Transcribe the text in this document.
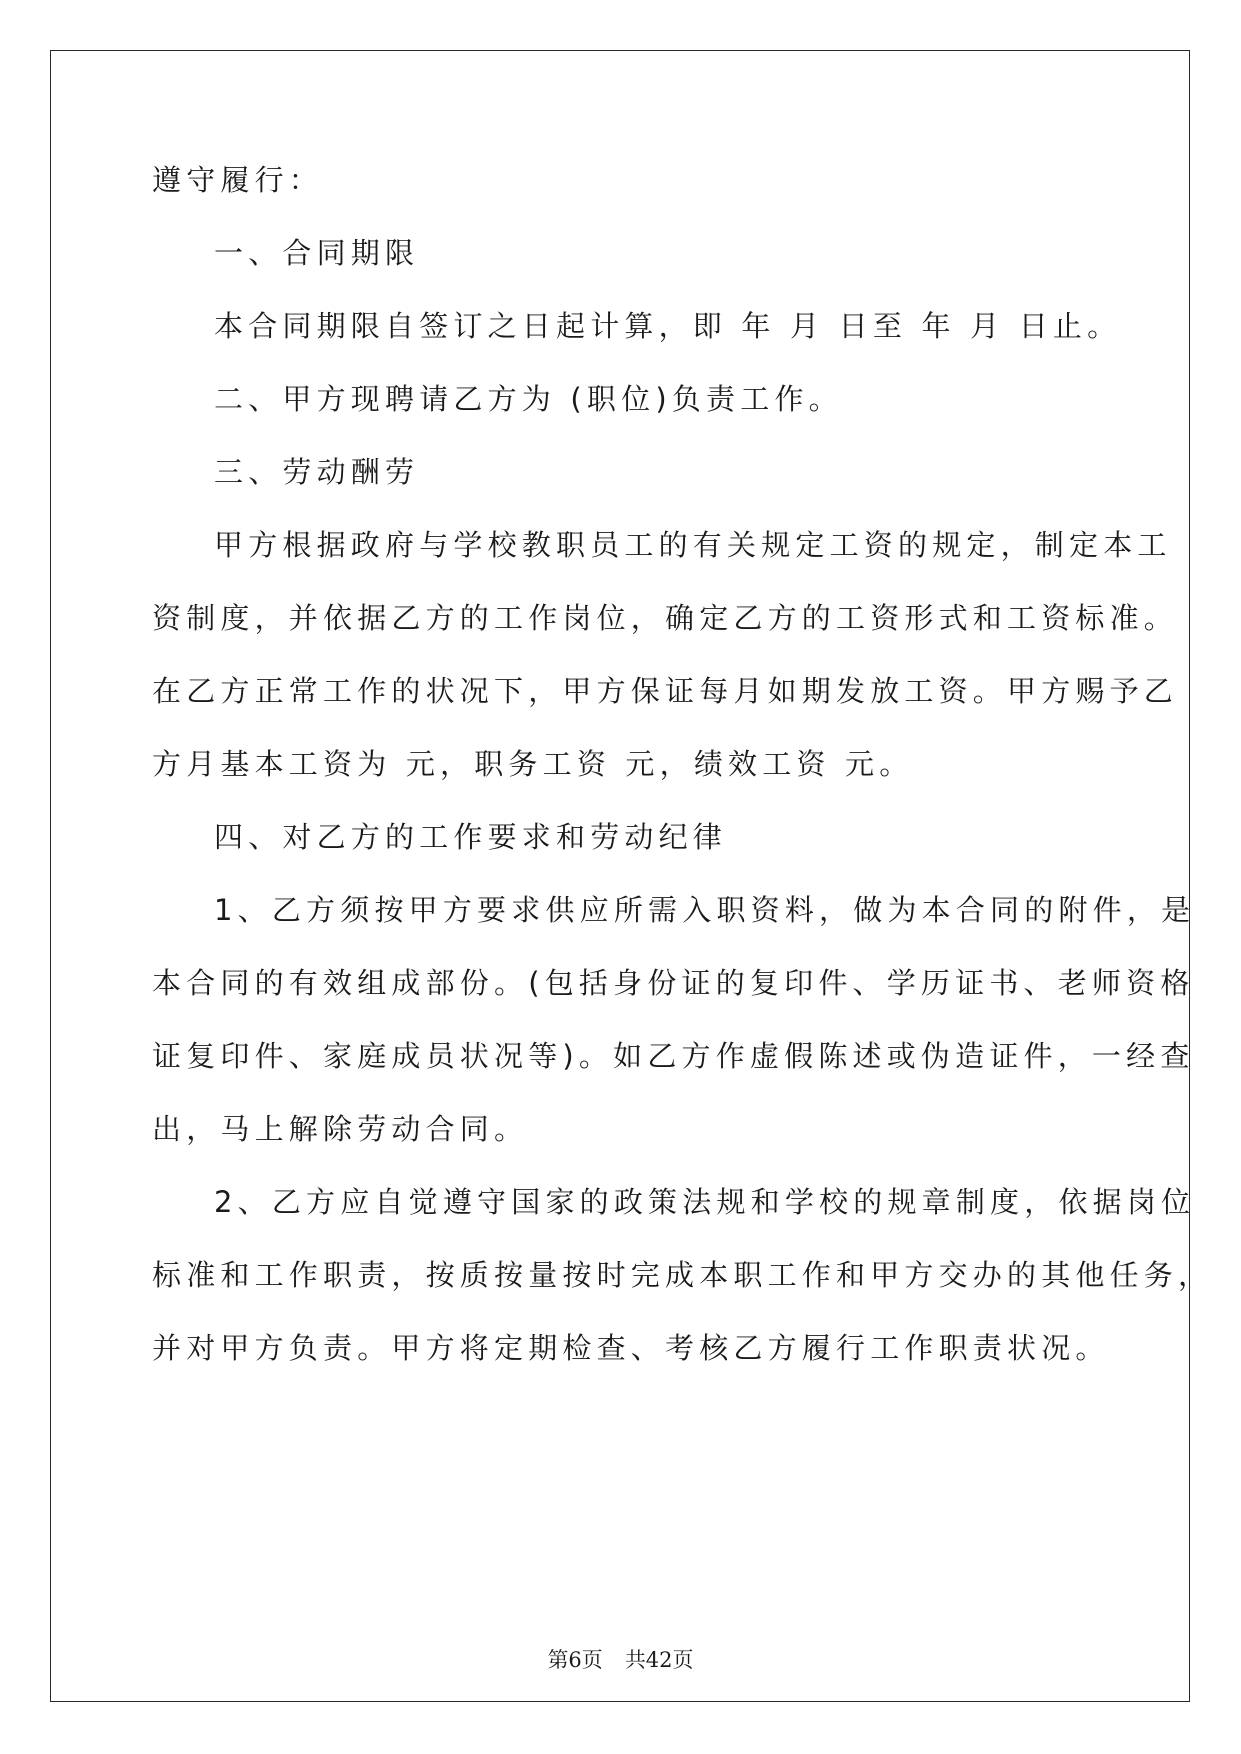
遵守履行：
一、合同期限
本合同期限自签订之日起计算，即 年 月 日至 年 月 日止。
二、甲方现聘请乙方为 (职位)负责工作。
三、劳动酬劳
甲方根据政府与学校教职员工的有关规定工资的规定，制定本工
资制度，并依据乙方的工作岗位，确定乙方的工资形式和工资标准。
在乙方正常工作的状况下，甲方保证每月如期发放工资。甲方赐予乙
方月基本工资为 元，职务工资 元，绩效工资 元。
四、对乙方的工作要求和劳动纪律
1、乙方须按甲方要求供应所需入职资料，做为本合同的附件，是
本合同的有效组成部份。(包括身份证的复印件、学历证书、老师资格
证复印件、家庭成员状况等)。如乙方作虚假陈述或伪造证件，一经查
出，马上解除劳动合同。
2、乙方应自觉遵守国家的政策法规和学校的规章制度，依据岗位
标准和工作职责，按质按量按时完成本职工作和甲方交办的其他任务，
并对甲方负责。甲方将定期检查、考核乙方履行工作职责状况。
第6页 共42页
